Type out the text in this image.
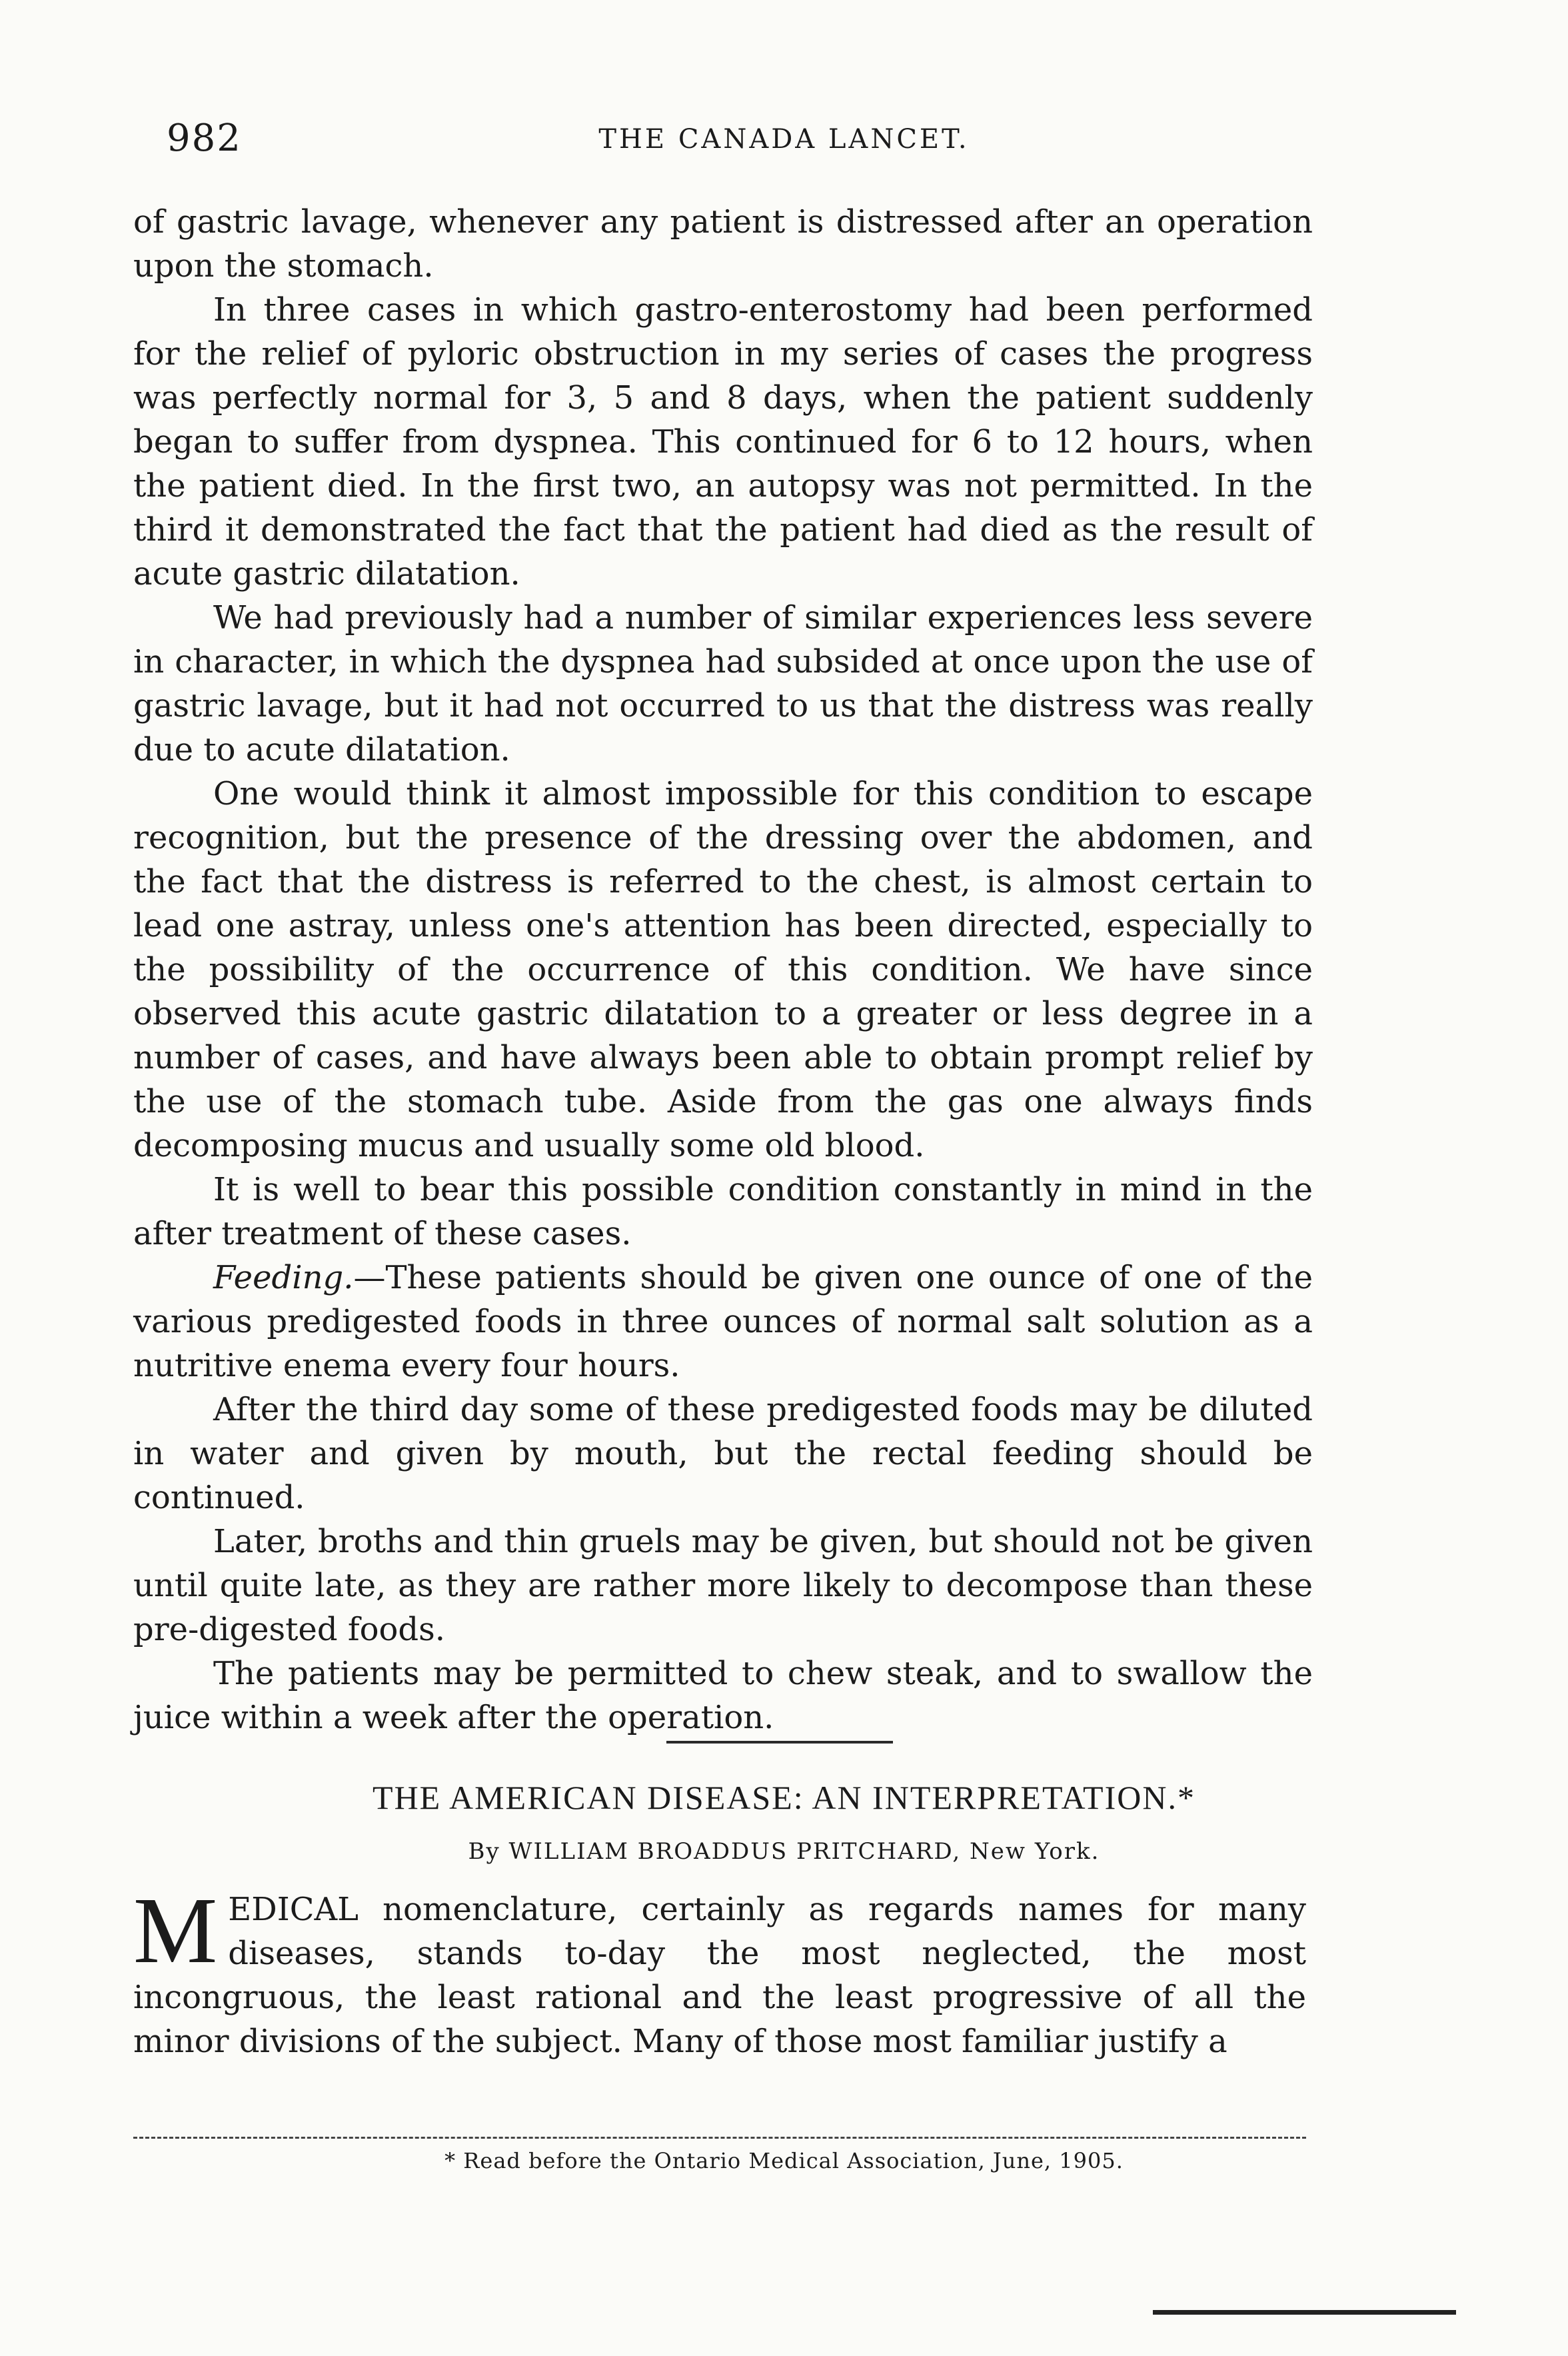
982	THE CANADA LANCET.

of gastric lavage, whenever any patient is distressed after an operation upon the stomach.

In three cases in which gastro-enterostomy had been performed for the relief of pyloric obstruction in my series of cases the progress was perfectly normal for 3, 5 and 8 days, when the patient suddenly began to suffer from dyspnea. This continued for 6 to 12 hours, when the patient died. In the first two, an autopsy was not permitted. In the third it demonstrated the fact that the patient had died as the result of acute gastric dilatation.

We had previously had a number of similar experiences less severe in character, in which the dyspnea had subsided at once upon the use of gastric lavage, but it had not occurred to us that the distress was really due to acute dilatation.

One would think it almost impossible for this condition to escape recognition, but the presence of the dressing over the abdomen, and the fact that the distress is referred to the chest, is almost certain to lead one astray, unless one's attention has been directed, especially to the possibility of the occurrence of this condition. We have since observed this acute gastric dilatation to a greater or less degree in a number of cases, and have always been able to obtain prompt relief by the use of the stomach tube. Aside from the gas one always finds decomposing mucus and usually some old blood.

It is well to bear this possible condition constantly in mind in the after treatment of these cases.

Feeding.—These patients should be given one ounce of one of the various predigested foods in three ounces of normal salt solution as a nutritive enema every four hours.

After the third day some of these predigested foods may be diluted in water and given by mouth, but the rectal feeding should be continued.

Later, broths and thin gruels may be given, but should not be given until quite late, as they are rather more likely to decompose than these pre-digested foods.

The patients may be permitted to chew steak, and to swallow the juice within a week after the operation.

THE AMERICAN DISEASE: AN INTERPRETATION.*
By WILLIAM BROADDUS PRITCHARD, New York.

MEDICAL nomenclature, certainly as regards names for many diseases, stands to-day the most neglected, the most incongruous, the least rational and the least progressive of all the minor divisions of the subject. Many of those most familiar justify a

* Read before the Ontario Medical Association, June, 1905.
